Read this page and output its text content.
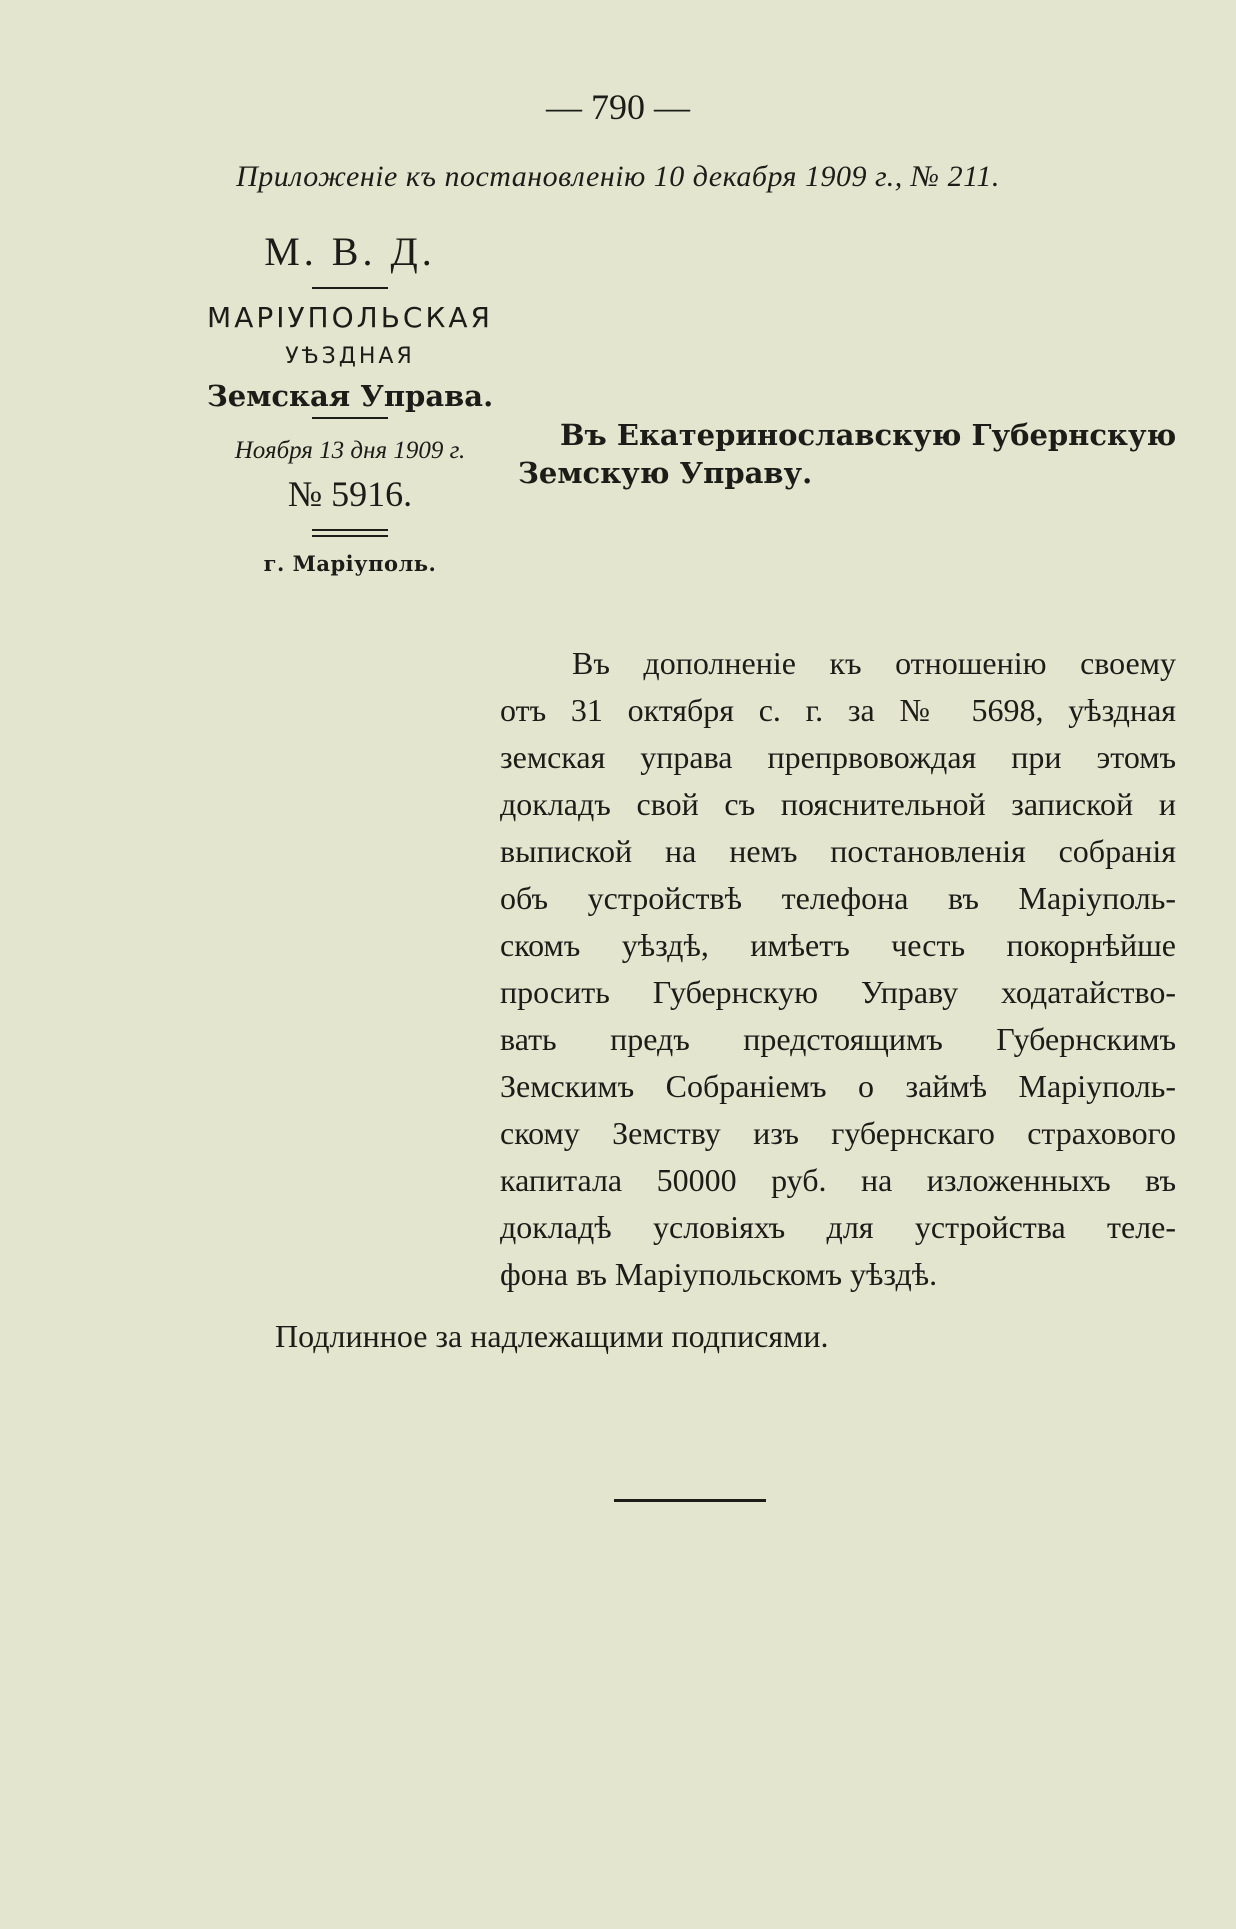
— 790 —
Приложеніе къ постановленію 10 декабря 1909 г., № 211.
М. В. Д.
МАРІУПОЛЬСКАЯ
УѢЗДНАЯ
Земская Управа.
Ноября 13 дня 1909 г.
№ 5916.
г. Маріуполь.
Въ Екатеринославскую Губернскую
Земскую Управу.
Въ дополненіе къ отношенію своему
отъ 31 октября с. г. за № 5698, уѣздная
земская управа препрвовождая при этомъ
докладъ свой съ пояснительной запиской и
выпиской на немъ постановленія собранія
объ устройствѣ телефона въ Маріуполь-
скомъ уѣздѣ, имѣетъ честь покорнѣйше
просить Губернскую Управу ходатайство-
вать предъ предстоящимъ Губернскимъ
Земскимъ Собраніемъ о займѣ Маріуполь-
скому Земству изъ губернскаго страхового
капитала 50000 руб. на изложенныхъ въ
докладѣ условіяхъ для устройства теле-
фона въ Маріупольскомъ уѣздѣ.
Подлинное за надлежащими подписями.
